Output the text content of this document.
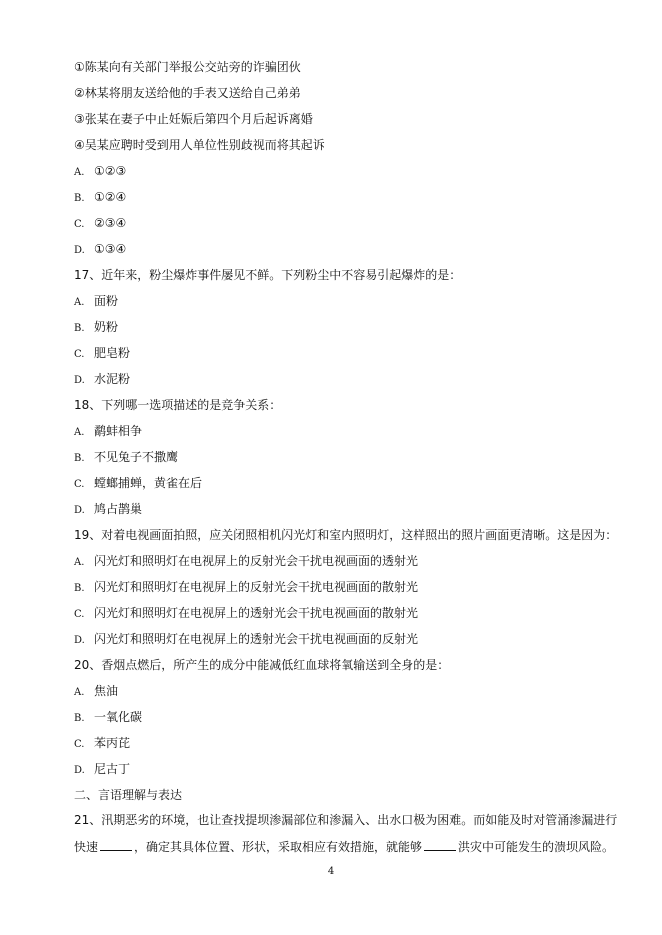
①陈某向有关部门举报公交站旁的诈骗团伙
②林某将朋友送给他的手表又送给自己弟弟
③张某在妻子中止妊娠后第四个月后起诉离婚
④吴某应聘时受到用人单位性别歧视而将其起诉
A. ①②③
B. ①②④
C. ②③④
D. ①③④
17、近年来，粉尘爆炸事件屡见不鲜。下列粉尘中不容易引起爆炸的是：
A. 面粉
B. 奶粉
C. 肥皂粉
D. 水泥粉
18、下列哪一选项描述的是竞争关系：
A. 鹬蚌相争
B. 不见兔子不撒鹰
C. 螳螂捕蝉，黄雀在后
D. 鸠占鹊巢
19、对着电视画面拍照，应关闭照相机闪光灯和室内照明灯，这样照出的照片画面更清晰。这是因为：
A. 闪光灯和照明灯在电视屏上的反射光会干扰电视画面的透射光
B. 闪光灯和照明灯在电视屏上的反射光会干扰电视画面的散射光
C. 闪光灯和照明灯在电视屏上的透射光会干扰电视画面的散射光
D. 闪光灯和照明灯在电视屏上的透射光会干扰电视画面的反射光
20、香烟点燃后，所产生的成分中能减低红血球将氧输送到全身的是：
A. 焦油
B. 一氧化碳
C. 苯丙芘
D. 尼古丁
二、言语理解与表达
21、汛期恶劣的环境，也让查找提坝渗漏部位和渗漏入、出水口极为困难。而如能及时对管涌渗漏进行快速	，确定其具体位置、形状，采取相应有效措施，就能够	洪灾中可能发生的溃坝风险。
4
